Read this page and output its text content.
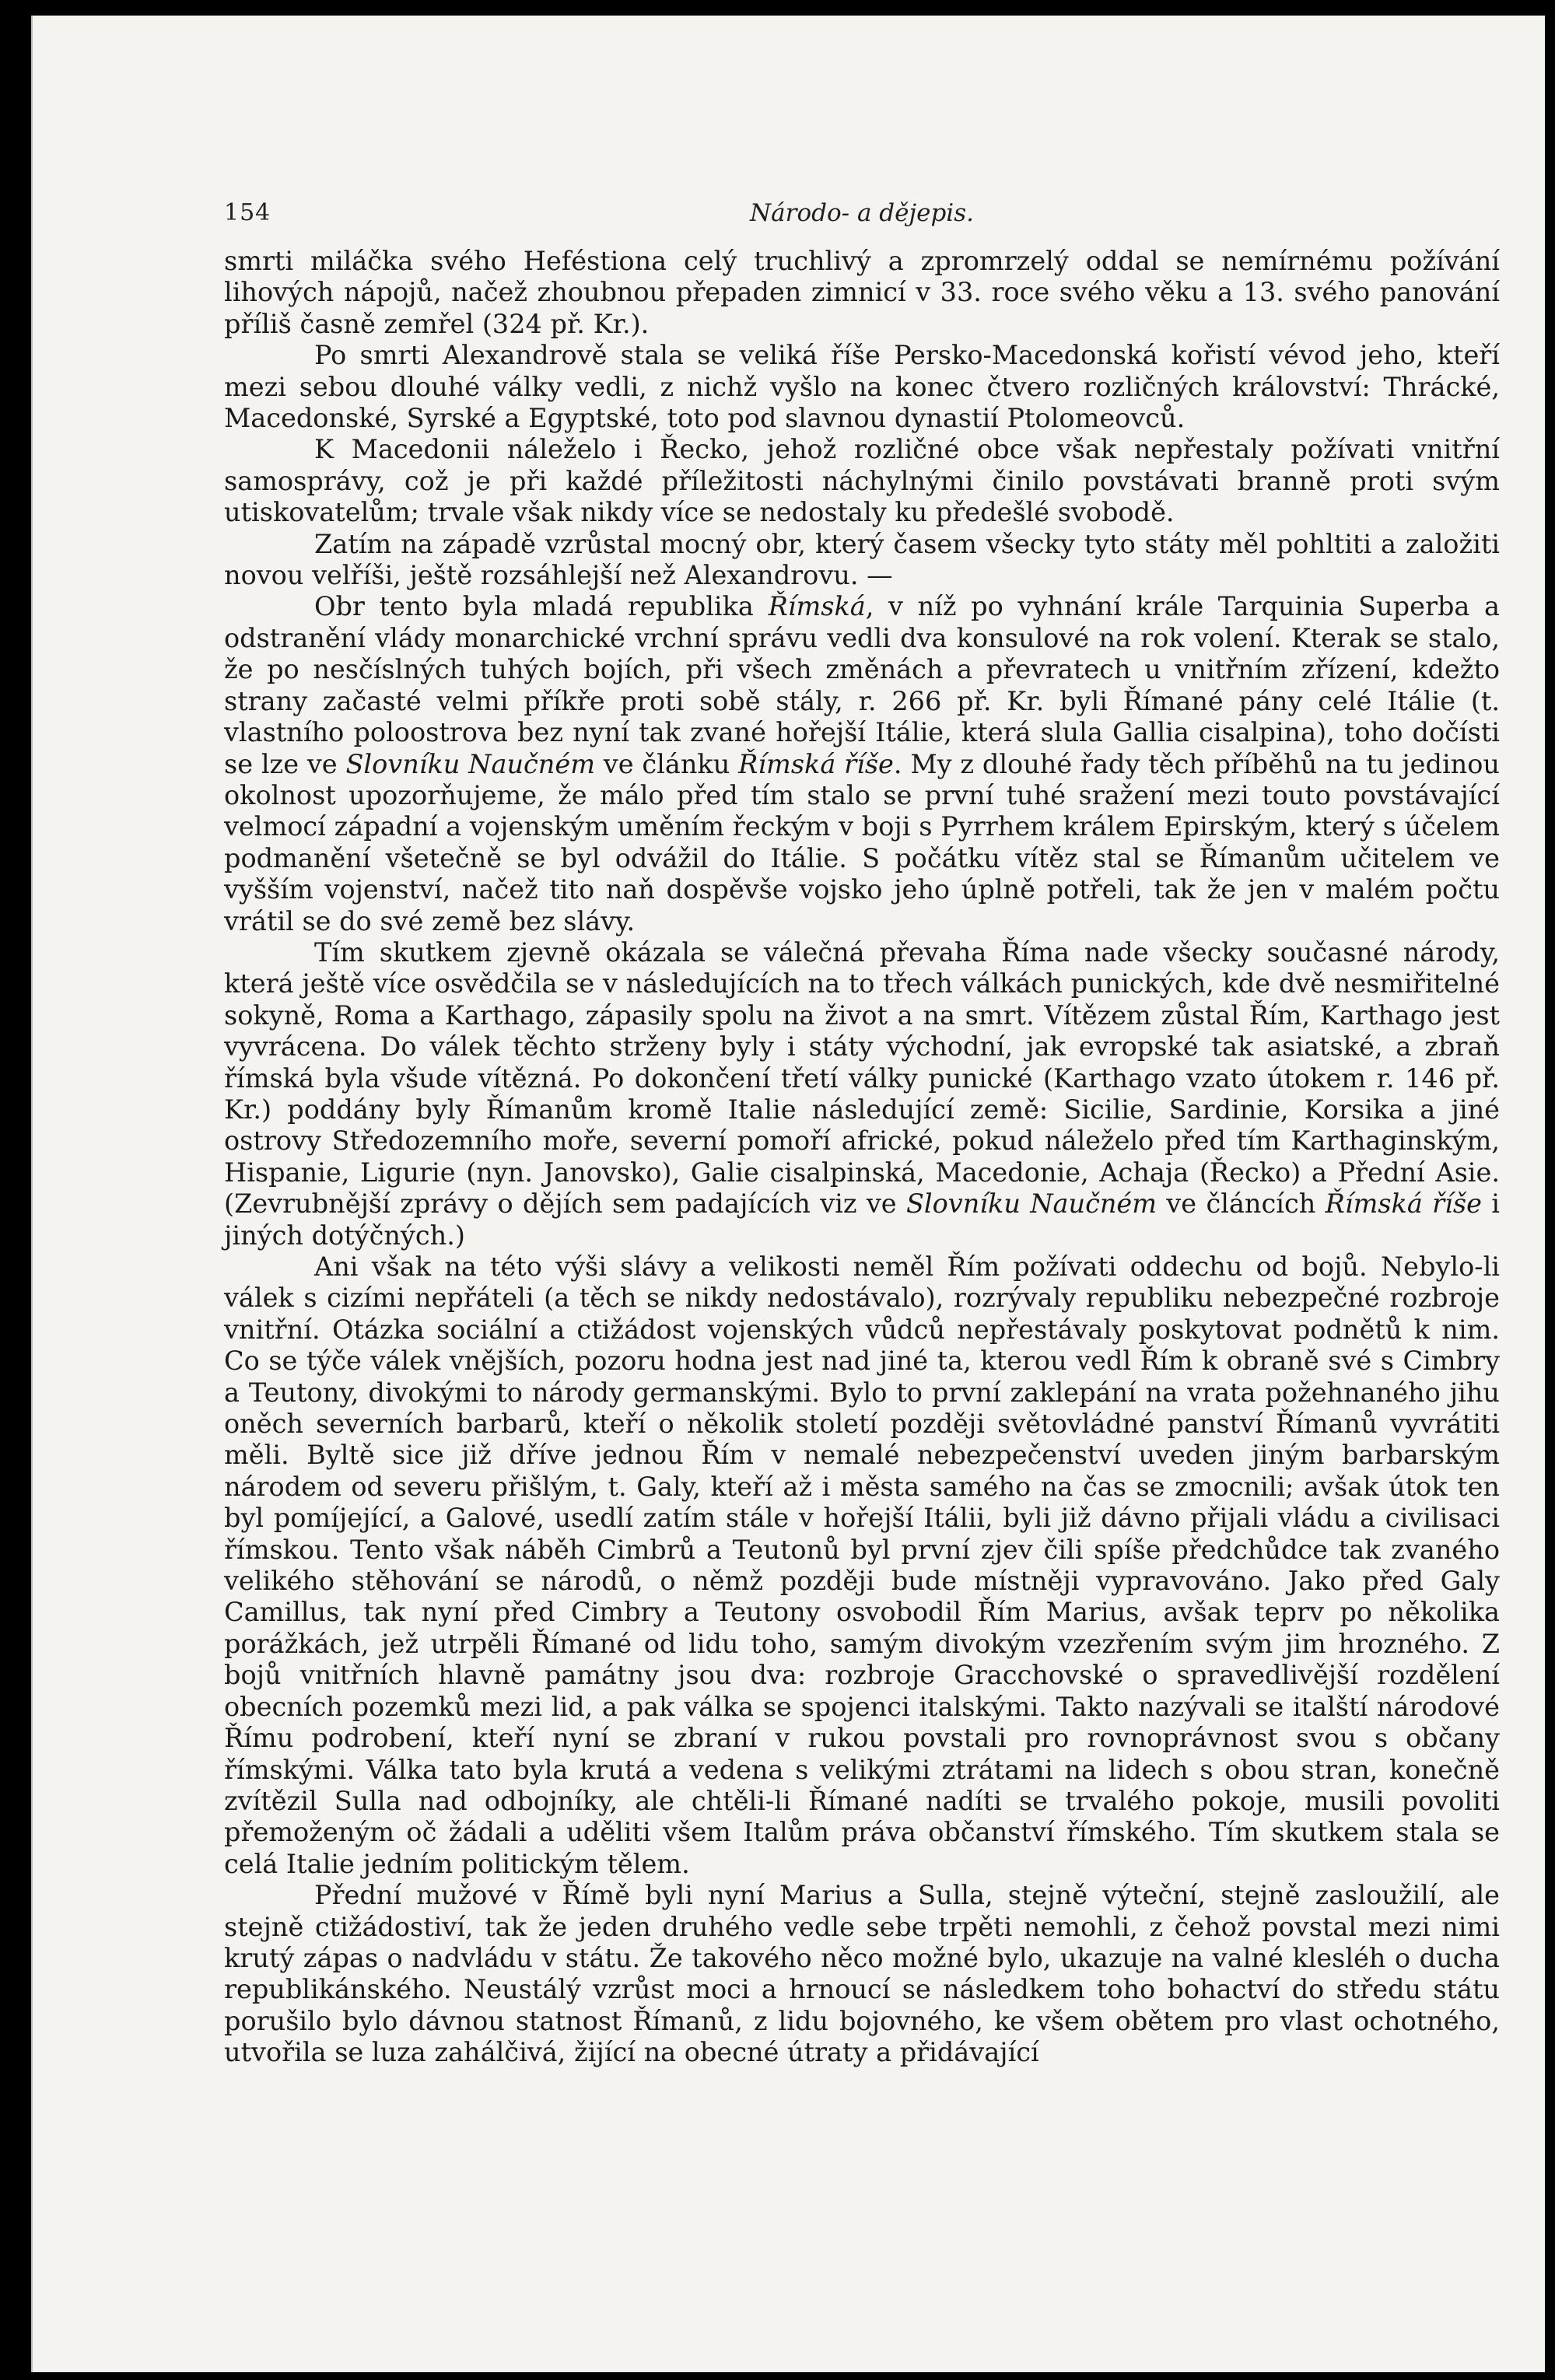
154	Národo- a dějepis.

smrti miláčka svého Heféstiona celý truchlivý a zpromrzelý oddal se nemírnému požívání lihových nápojů, načež zhoubnou přepaden zimnicí v 33. roce svého věku a 13. svého panování příliš časně zemřel (324 př. Kr.).

Po smrti Alexandrově stala se veliká říše Persko-Macedonská kořistí vévod jeho, kteří mezi sebou dlouhé války vedli, z nichž vyšlo na konec čtvero rozličných království: Thrácké, Macedonské, Syrské a Egyptské, toto pod slavnou dynastií Ptolomeovců.

K Macedonii náleželo i Řecko, jehož rozličné obce však nepřestaly požívati vnitřní samosprávy, což je při každé příležitosti náchylnými činilo povstávati branně proti svým utiskovatelům; trvale však nikdy více se nedostaly ku předešlé svobodě.

Zatím na západě vzrůstal mocný obr, který časem všecky tyto státy měl pohltiti a založiti novou velříši, ještě rozsáhlejší než Alexandrovu. —

Obr tento byla mladá republika Římská, v níž po vyhnání krále Tarquinia Superba a odstranění vlády monarchické vrchní správu vedli dva konsulové na rok volení. Kterak se stalo, že po nesčíslných tuhých bojích, při všech změnách a převratech u vnitřním zřízení, kdežto strany začasté velmi příkře proti sobě stály, r. 266 př. Kr. byli Římané pány celé Itálie (t. vlastního poloostrova bez nyní tak zvané hořejší Itálie, která slula Gallia cisalpina), toho dočísti se lze ve Slovníku Naučném ve článku Římská říše. My z dlouhé řady těch příběhů na tu jedinou okolnost upozorňujeme, že málo před tím stalo se první tuhé sražení mezi touto povstávající velmocí západní a vojenským uměním řeckým v boji s Pyrrhem králem Epirským, který s účelem podmanění všetečně se byl odvážil do Itálie. S počátku vítěz stal se Římanům učitelem ve vyšším vojenství, načež tito naň dospěvše vojsko jeho úplně potřeli, tak že jen v malém počtu vrátil se do své země bez slávy.

Tím skutkem zjevně okázala se válečná převaha Říma nade všecky současné národy, která ještě více osvědčila se v následujících na to třech válkách punických, kde dvě nesmiřitelné sokyně, Roma a Karthago, zápasily spolu na život a na smrt. Vítězem zůstal Řím, Karthago jest vyvrácena. Do válek těchto strženy byly i státy východní, jak evropské tak asiatské, a zbraň římská byla všude vítězná. Po dokončení třetí války punické (Karthago vzato útokem r. 146 př. Kr.) poddány byly Římanům kromě Italie následující země: Sicilie, Sardinie, Korsika a jiné ostrovy Středozemního moře, severní pomoří africké, pokud náleželo před tím Karthaginským, Hispanie, Ligurie (nyn. Janovsko), Galie cisalpinská, Macedonie, Achaja (Řecko) a Přední Asie. (Zevrubnější zprávy o dějích sem padajících viz ve Slovníku Naučném ve článcích Římská říše i jiných dotýčných.)

Ani však na této výši slávy a velikosti neměl Řím požívati oddechu od bojů. Nebylo-li válek s cizími nepřáteli (a těch se nikdy nedostávalo), rozrývaly republiku nebezpečné rozbroje vnitřní. Otázka sociální a ctižádost vojenských vůdců nepřestávaly poskytovat podnětů k nim. Co se týče válek vnějších, pozoru hodna jest nad jiné ta, kterou vedl Řím k obraně své s Cimbry a Teutony, divokými to národy germanskými. Bylo to první zaklepání na vrata požehnaného jihu oněch severních barbarů, kteří o několik století později světovládné panství Římanů vyvrátiti měli. Byltě sice již dříve jednou Řím v nemalé nebezpečenství uveden jiným barbarským národem od severu přišlým, t. Galy, kteří až i města samého na čas se zmocnili; avšak útok ten byl pomíjející, a Galové, usedlí zatím stále v hořejší Itálii, byli již dávno přijali vládu a civilisaci římskou. Tento však náběh Cimbrů a Teutonů byl první zjev čili spíše předchůdce tak zvaného velikého stěhování se národů, o němž později bude místněji vypravováno. Jako před Galy Camillus, tak nyní před Cimbry a Teutony osvobodil Řím Marius, avšak teprv po několika porážkách, jež utrpěli Římané od lidu toho, samým divokým vzezřením svým jim hrozného. Z bojů vnitřních hlavně památny jsou dva: rozbroje Gracchovské o spravedlivější rozdělení obecních pozemků mezi lid, a pak válka se spojenci italskými. Takto nazývali se italští národové Římu podrobení, kteří nyní se zbraní v rukou povstali pro rovnoprávnost svou s občany římskými. Válka tato byla krutá a vedena s velikými ztrátami na lidech s obou stran, konečně zvítězil Sulla nad odbojníky, ale chtěli-li Římané nadíti se trvalého pokoje, musili povoliti přemoženým oč žádali a uděliti všem Italům práva občanství římského. Tím skutkem stala se celá Italie jedním politickým tělem.

Přední mužové v Římě byli nyní Marius a Sulla, stejně výteční, stejně zasloužilí, ale stejně ctižádostiví, tak že jeden druhého vedle sebe trpěti nemohli, z čehož povstal mezi nimi krutý zápas o nadvládu v státu. Že takového něco možné bylo, ukazuje na valné klesléh o ducha republikánského. Neustálý vzrůst moci a hrnoucí se následkem toho bohactví do středu státu porušilo bylo dávnou statnost Římanů, z lidu bojovného, ke všem obětem pro vlast ochotného, utvořila se luza zahálčivá, žijící na obecné útraty a přidávající
